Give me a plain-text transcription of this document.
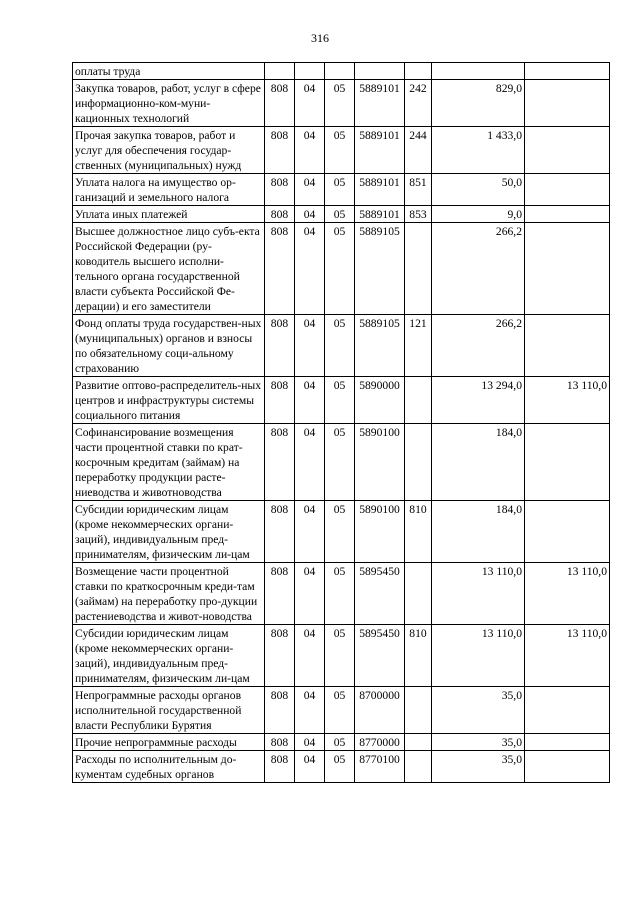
316
оплаты труда							
Закупка товаров, работ, услуг в сфере информационно-ком-муни-кационных технологий	808	04	05	5889101	242	829,0	
Прочая закупка товаров, работ и услуг для обеспечения государ-ственных (муниципальных) нужд	808	04	05	5889101	244	1 433,0	
Уплата налога на имущество ор-ганизаций и земельного налога	808	04	05	5889101	851	50,0	
Уплата иных платежей	808	04	05	5889101	853	9,0	
Высшее должностное лицо субъ-екта Российской Федерации (ру-ководитель высшего исполни-тельного органа государственной власти субъекта Российской Фе-дерации) и его заместители	808	04	05	5889105		266,2	
Фонд оплаты труда государствен-ных (муниципальных) органов и взносы по обязательному соци-альному страхованию	808	04	05	5889105	121	266,2	
Развитие оптово-распределитель-ных центров и инфраструктуры системы социального питания	808	04	05	5890000		13 294,0	13 110,0
Софинансирование возмещения части процентной ставки по крат-косрочным кредитам (займам) на переработку продукции расте-ниеводства и животноводства	808	04	05	5890100		184,0	
Субсидии юридическим лицам (кроме некоммерческих органи-заций), индивидуальным пред-принимателям, физическим ли-цам	808	04	05	5890100	810	184,0	
Возмещение части процентной ставки по краткосрочным креди-там (займам) на переработку про-дукции растениеводства и живот-новодства	808	04	05	5895450		13 110,0	13 110,0
Субсидии юридическим лицам (кроме некоммерческих органи-заций), индивидуальным пред-принимателям, физическим ли-цам	808	04	05	5895450	810	13 110,0	13 110,0
Непрограммные расходы органов исполнительной государственной власти Республики Бурятия	808	04	05	8700000		35,0	
Прочие непрограммные расходы	808	04	05	8770000		35,0	
Расходы по исполнительным до-кументам судебных органов	808	04	05	8770100		35,0	
